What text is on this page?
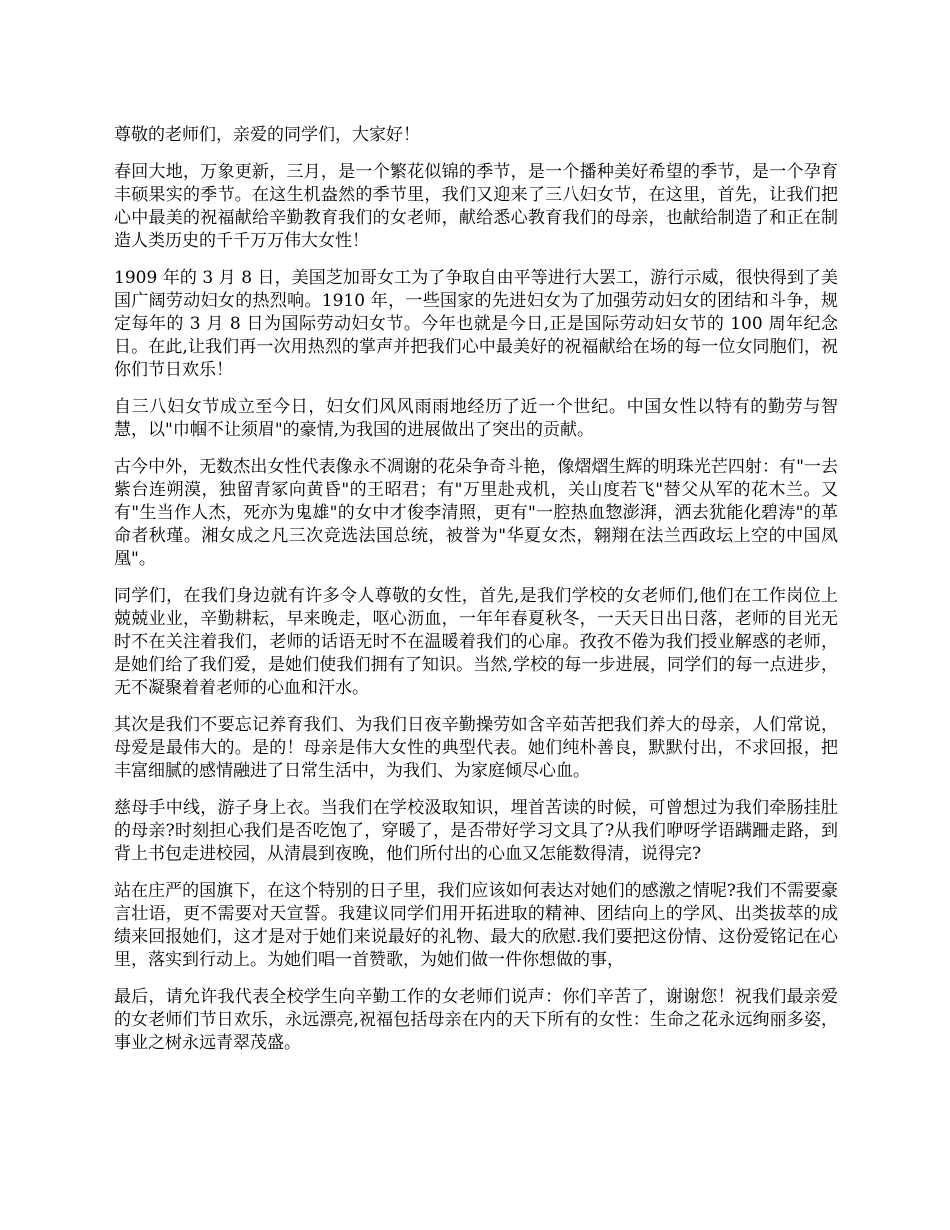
尊敬的老师们，亲爱的同学们，大家好！

春回大地，万象更新，三月，是一个繁花似锦的季节，是一个播种美好希望的季节，是一个孕育丰硕果实的季节。在这生机盎然的季节里，我们又迎来了三八妇女节，在这里，首先，让我们把心中最美的祝福献给辛勤教育我们的女老师，献给悉心教育我们的母亲，也献给制造了和正在制造人类历史的千千万万伟大女性！

1909 年的 3 月 8 日，美国芝加哥女工为了争取自由平等进行大罢工，游行示威，很快得到了美国广阔劳动妇女的热烈响。1910 年，一些国家的先进妇女为了加强劳动妇女的团结和斗争，规定每年的 3 月 8 日为国际劳动妇女节。今年也就是今日,正是国际劳动妇女节的 100 周年纪念日。在此,让我们再一次用热烈的掌声并把我们心中最美好的祝福献给在场的每一位女同胞们，祝你们节日欢乐！

自三八妇女节成立至今日，妇女们风风雨雨地经历了近一个世纪。中国女性以特有的勤劳与智慧，以"巾帼不让须眉"的豪情,为我国的进展做出了突出的贡献。

古今中外，无数杰出女性代表像永不凋谢的花朵争奇斗艳，像熠熠生辉的明珠光芒四射：有"一去紫台连朔漠，独留青冢向黄昏"的王昭君；有"万里赴戎机，关山度若飞"替父从军的花木兰。又有"生当作人杰，死亦为鬼雄"的女中才俊李清照，更有"一腔热血惣澎湃，洒去犹能化碧涛"的革命者秋瑾。湘女成之凡三次竞选法国总统，被誉为"华夏女杰，翱翔在法兰西政坛上空的中国凤凰"。

同学们，在我们身边就有许多令人尊敬的女性，首先,是我们学校的女老师们,他们在工作岗位上兢兢业业，辛勤耕耘，早来晚走，呕心沥血，一年年春夏秋冬，一天天日出日落，老师的目光无时不在关注着我们，老师的话语无时不在温暖着我们的心扉。孜孜不倦为我们授业解惑的老师，是她们给了我们爱，是她们使我们拥有了知识。当然,学校的每一步进展，同学们的每一点进步，无不凝聚着着老师的心血和汗水。

其次是我们不要忘记养育我们、为我们日夜辛勤操劳如含辛茹苦把我们养大的母亲，人们常说，母爱是最伟大的。是的！母亲是伟大女性的典型代表。她们纯朴善良，默默付出，不求回报，把丰富细腻的感情融进了日常生活中，为我们、为家庭倾尽心血。

慈母手中线，游子身上衣。当我们在学校汲取知识，埋首苦读的时候，可曾想过为我们牵肠挂肚的母亲?时刻担心我们是否吃饱了，穿暖了，是否带好学习文具了?从我们咿呀学语蹒跚走路，到背上书包走进校园，从清晨到夜晚，他们所付出的心血又怎能数得清，说得完?

站在庄严的国旗下，在这个特别的日子里，我们应该如何表达对她们的感激之情呢?我们不需要豪言壮语，更不需要对天宣誓。我建议同学们用开拓进取的精神、团结向上的学风、出类拔萃的成绩来回报她们，这才是对于她们来说最好的礼物、最大的欣慰.我们要把这份情、这份爱铭记在心里，落实到行动上。为她们唱一首赞歌，为她们做一件你想做的事，

最后，请允许我代表全校学生向辛勤工作的女老师们说声：你们辛苦了，谢谢您！祝我们最亲爱的女老师们节日欢乐，永远漂亮,祝福包括母亲在内的天下所有的女性：生命之花永远绚丽多姿，事业之树永远青翠茂盛。
